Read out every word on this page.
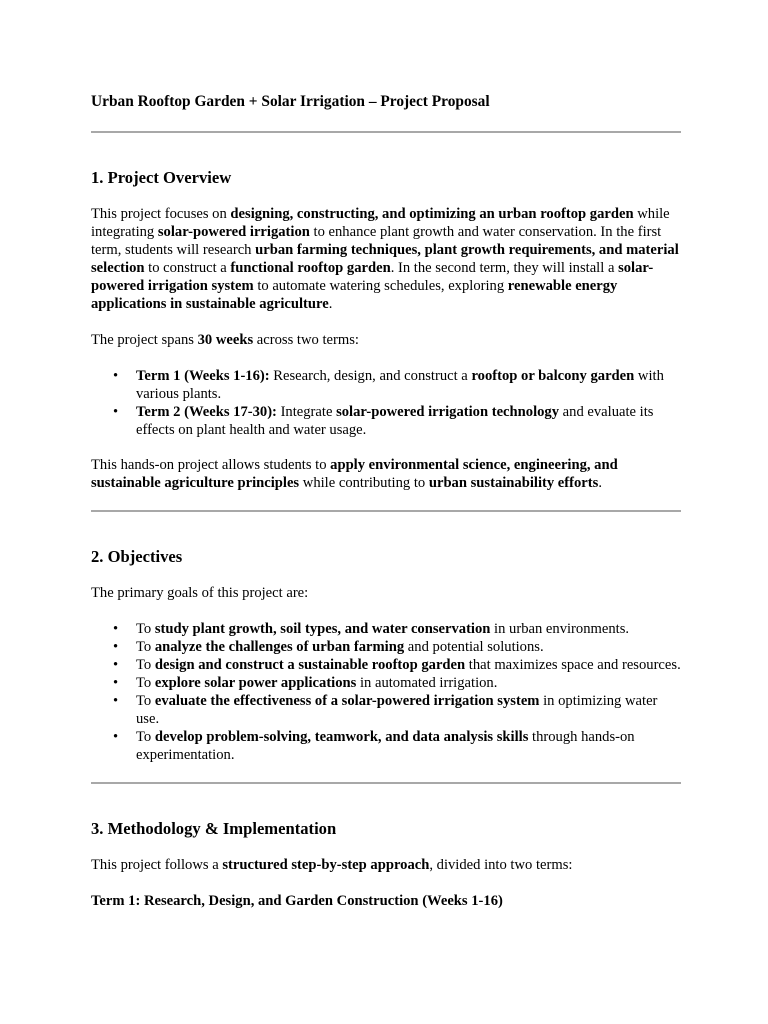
Urban Rooftop Garden + Solar Irrigation – Project Proposal
1. Project Overview

This project focuses on designing, constructing, and optimizing an urban rooftop garden while integrating solar-powered irrigation to enhance plant growth and water conservation. In the first term, students will research urban farming techniques, plant growth requirements, and material selection to construct a functional rooftop garden. In the second term, they will install a solar-powered irrigation system to automate watering schedules, exploring renewable energy applications in sustainable agriculture.

The project spans 30 weeks across two terms:

• Term 1 (Weeks 1-16): Research, design, and construct a rooftop or balcony garden with various plants.
• Term 2 (Weeks 17-30): Integrate solar-powered irrigation technology and evaluate its effects on plant health and water usage.

This hands-on project allows students to apply environmental science, engineering, and sustainable agriculture principles while contributing to urban sustainability efforts.

2. Objectives

The primary goals of this project are:

• To study plant growth, soil types, and water conservation in urban environments.
• To analyze the challenges of urban farming and potential solutions.
• To design and construct a sustainable rooftop garden that maximizes space and resources.
• To explore solar power applications in automated irrigation.
• To evaluate the effectiveness of a solar-powered irrigation system in optimizing water use.
• To develop problem-solving, teamwork, and data analysis skills through hands-on experimentation.
3. Methodology & Implementation

This project follows a structured step-by-step approach, divided into two terms:

Term 1: Research, Design, and Garden Construction (Weeks 1-16)
